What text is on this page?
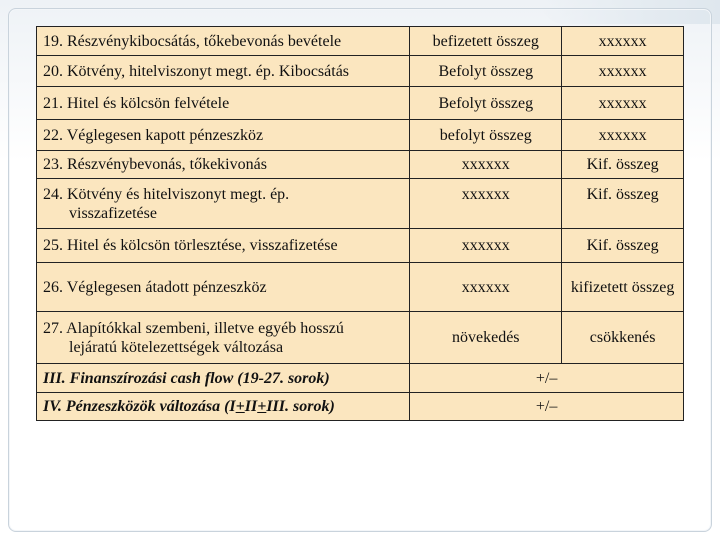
19. Részvénykibocsátás, tőkebevonás bevétele	befizetett összeg	xxxxxx
20. Kötvény, hitelviszonyt megt. ép. Kibocsátás	Befolyt összeg	xxxxxx
21. Hitel és kölcsön felvétele	Befolyt összeg	xxxxxx
22. Véglegesen kapott pénzeszköz	befolyt összeg	xxxxxx
23. Részvénybevonás, tőkekivonás	xxxxxx	Kif. összeg
24. Kötvény és hitelviszonyt megt. ép.
visszafizetése	xxxxxx	Kif. összeg
25. Hitel és kölcsön törlesztése, visszafizetése	xxxxxx	Kif. összeg
26. Véglegesen átadott pénzeszköz	xxxxxx	kifizetett összeg
27. Alapítókkal szembeni, illetve egyéb hosszú
lejáratú kötelezettségek változása	növekedés	csökkenés
III. Finanszírozási cash flow (19-27. sorok)	+/–	
IV. Pénzeszközök változása (I+II+III. sorok)	+/–	
